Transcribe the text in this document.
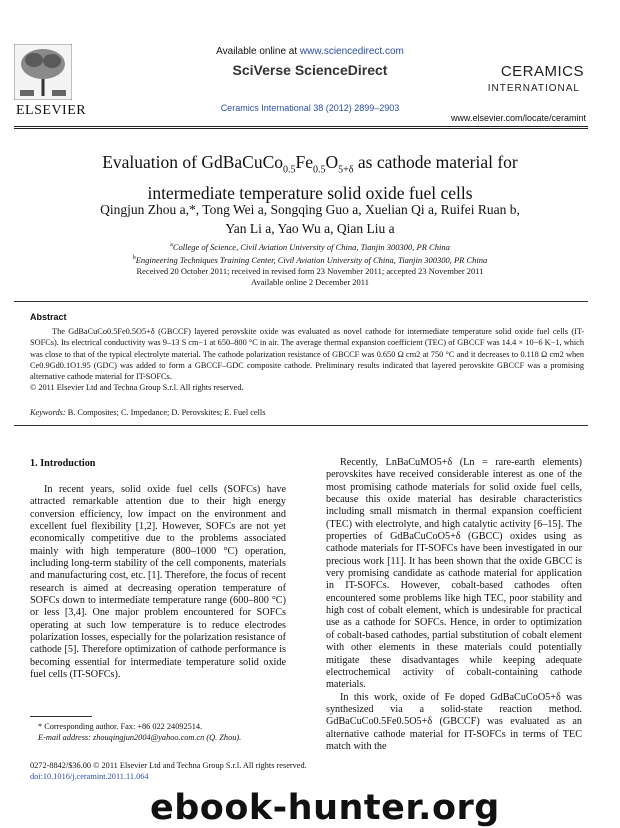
ELSEVIER
Available online at www.sciencedirect.com
SciVerse ScienceDirect
Ceramics International 38 (2012) 2899–2903
CERAMICS
INTERNATIONAL
www.elsevier.com/locate/ceramint
Evaluation of $GdBaCuCo_{0.5}Fe_{0.5}O_{5+\delta}$ as cathode material for
intermediate temperature solid oxide fuel cells
Qingjun Zhou a,*, Tong Wei a, Songqing Guo a, Xuelian Qi a, Ruifei Ruan b,
Yan Li a, Yao Wu a, Qian Liu a
$^a$College of Science, Civil Aviation University of China, Tianjin 300300, PR China
$^b$Engineering Techniques Training Center, Civil Aviation University of China, Tianjin 300300, PR China
Received 20 October 2011; received in revised form 23 November 2011; accepted 23 November 2011
Available online 2 December 2011
Abstract
The GdBaCuCo0.5Fe0.5O5+δ (GBCCF) layered perovskite oxide was evaluated as novel cathode for intermediate temperature solid oxide fuel cells (IT-SOFCs). Its electrical conductivity was 9–13 S cm−1 at 650–800 °C in air. The average thermal expansion coefficient (TEC) of GBCCF was 14.4 × 10−6 K−1, which was close to that of the typical electrolyte material. The cathode polarization resistance of GBCCF was 0.650 Ω cm2 at 750 °C and it decreases to 0.118 Ω cm2 when Ce0.9Gd0.1O1.95 (GDC) was added to form a GBCCF–GDC composite cathode. Preliminary results indicated that layered perovskite GBCCF was a promising alternative cathode material for IT-SOFCs.
© 2011 Elsevier Ltd and Techna Group S.r.l. All rights reserved.
Keywords: B. Composites; C. Impedance; D. Perovskites; E. Fuel cells
1. Introduction

In recent years, solid oxide fuel cells (SOFCs) have attracted remarkable attention due to their high energy conversion efficiency, low impact on the environment and excellent fuel flexibility [1,2]. However, SOFCs are not yet economically competitive due to the problems associated mainly with high temperature (800–1000 °C) operation, including long-term stability of the cell components, materials and manufacturing cost, etc. [1]. Therefore, the focus of recent research is aimed at decreasing operation temperature of SOFCs down to intermediate temperature range (600–800 °C) or less [3,4]. One major problem encountered for SOFCs operating at such low temperature is to reduce electrodes polarization losses, especially for the polarization resistance of cathode [5]. Therefore optimization of cathode performance is becoming essential for intermediate temperature solid oxide fuel cells (IT-SOFCs).

Recently, LnBaCuMO5+δ (Ln = rare-earth elements) perovskites have received considerable interest as one of the most promising cathode materials for solid oxide fuel cells, because this oxide material has desirable characteristics including small mismatch in thermal expansion coefficient (TEC) with electrolyte, and high catalytic activity [6–15]. The properties of GdBaCuCoO5+δ (GBCC) oxides using as cathode materials for IT-SOFCs have been investigated in our precious work [11]. It has been shown that the oxide GBCC is very promising candidate as cathode material for application in IT-SOFCs. However, cobalt-based cathodes often encountered some problems like high TEC, poor stability and high cost of cobalt element, which is undesirable for practical use as a cathode for SOFCs. Hence, in order to optimization of cobalt-based cathodes, partial substitution of cobalt element with other elements in these materials could potentially mitigate these disadvantages while keeping adequate electrochemical activity of cobalt-containing cathode materials.

In this work, oxide of Fe doped GdBaCuCoO5+δ was synthesized via a solid-state reaction method. GdBaCuCo0.5Fe0.5O5+δ (GBCCF) was evaluated as an alternative cathode material for IT-SOFCs in terms of TEC match with the

* Corresponding author. Fax: +86 022 24092514.
E-mail address: zhouqingjun2004@yahoo.com.cn (Q. Zhou).
0272-8842/$36.00 © 2011 Elsevier Ltd and Techna Group S.r.l. All rights reserved.
doi:10.1016/j.ceramint.2011.11.064
ebook-hunter.org
